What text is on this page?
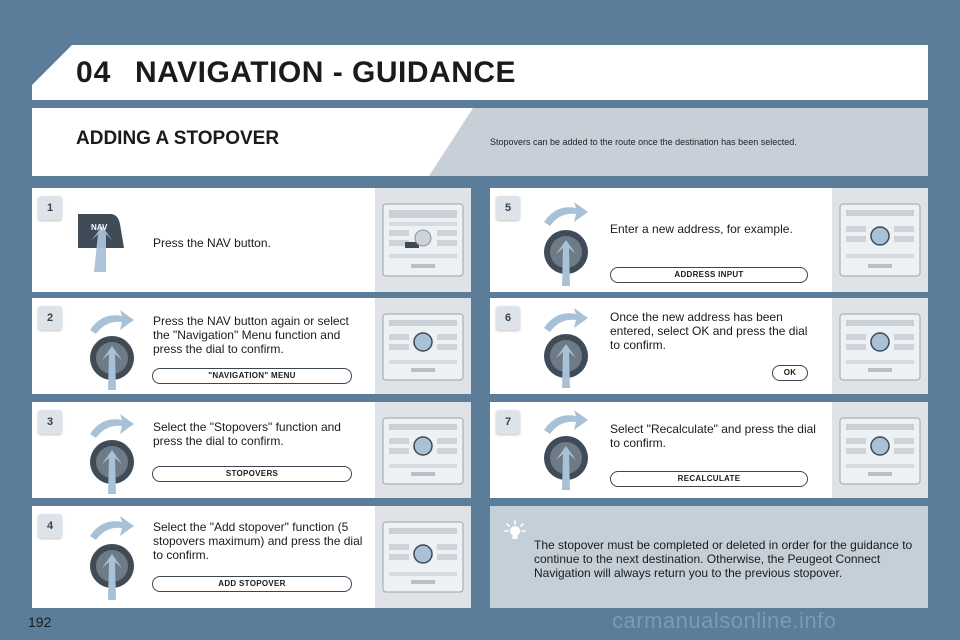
04 NAVIGATION - GUIDANCE
ADDING A STOPOVER	Stopovers can be added to the route once the destination has been selected.
NAV
Press the NAV button.
1
Press the NAV button again or select the "Navigation" Menu function and press the dial to confirm.
"NAVIGATION" MENU
2
Select the "Stopovers" function and press the dial to confirm.
STOPOVERS
3
Select the "Add stopover" function (5 stopovers maximum) and press the dial to confirm.
ADD STOPOVER
4
Enter a new address, for example.
ADDRESS INPUT
5
Once the new address has been entered, select OK and press the dial to confirm.
OK
6
Select "Recalculate" and press the dial to confirm.
RECALCULATE
7
The stopover must be completed or deleted in order for the guidance to continue to the next destination. Otherwise, the Peugeot Connect Navigation will always return you to the previous stopover.
192	carmanualsonline.info
